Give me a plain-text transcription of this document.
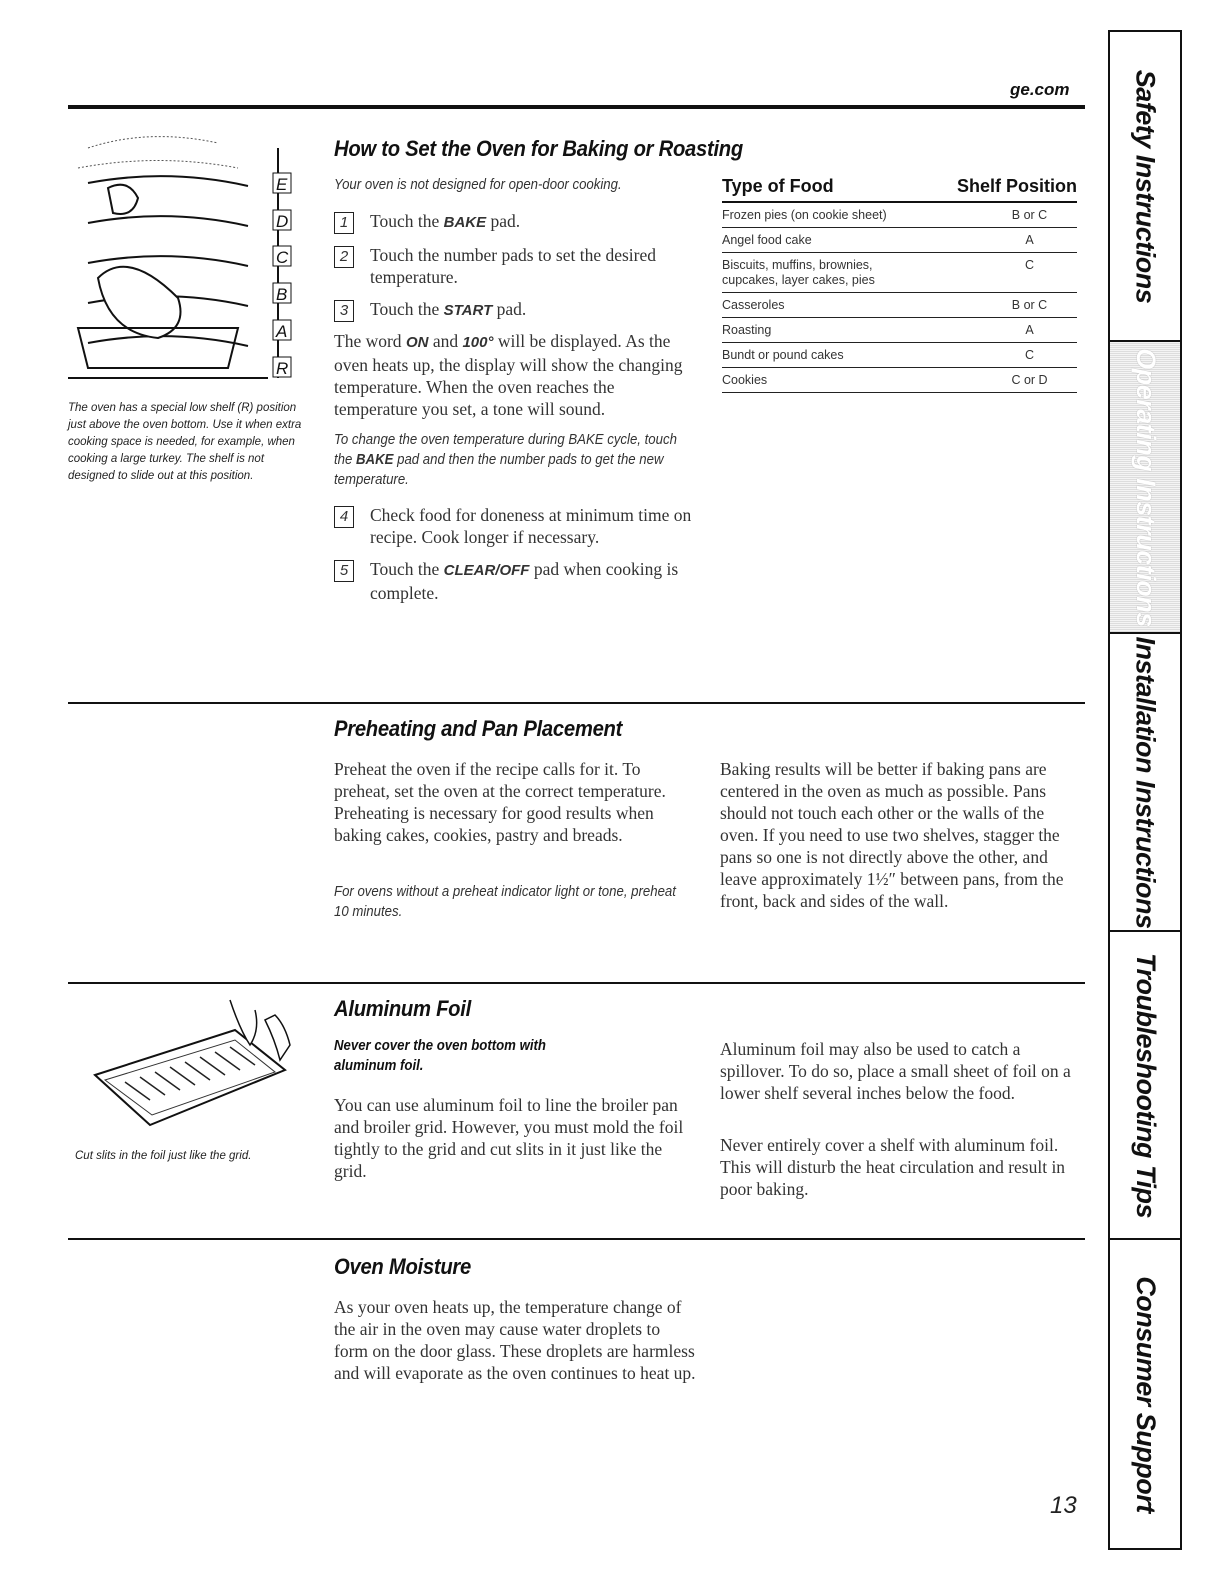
ge.com Safety Instructions
Operating Instructions
Installation Instructions
Troubleshooting Tips
Consumer Support
E
D
C
B
A
R
The oven has a special low shelf (R) position just above the oven bottom. Use it when extra cooking space is needed, for example, when cooking a large turkey. The shelf is not designed to slide out at this position.
How to Set the Oven for Baking or Roasting
Your oven is not designed for open-door cooking.
1	Touch the BAKE pad.
2	Touch the number pads to set the desired temperature.
3	Touch the START pad.
The word ON and 100° will be displayed. As the oven heats up, the display will show the changing temperature. When the oven reaches the temperature you set, a tone will sound.
To change the oven temperature during BAKE cycle, touch the BAKE pad and then the number pads to get the new temperature.
4	Check food for doneness at minimum time on recipe. Cook longer if necessary.
5	Touch the CLEAR/OFF pad when cooking is complete.
Type of Food	Shelf Position
Frozen pies (on cookie sheet)	B or C
Angel food cake	A
Biscuits, muffins, brownies, cupcakes, layer cakes, pies	C
Casseroles	B or C
Roasting	A
Bundt or pound cakes	C
Cookies	C or D
Preheating and Pan Placement
Preheat the oven if the recipe calls for it. To preheat, set the oven at the correct temperature. Preheating is necessary for good results when baking cakes, cookies, pastry and breads.
For ovens without a preheat indicator light or tone, preheat 10 minutes.
Baking results will be better if baking pans are centered in the oven as much as possible. Pans should not touch each other or the walls of the oven. If you need to use two shelves, stagger the pans so one is not directly above the other, and leave approximately 1½″ between pans, from the front, back and sides of the wall.
Cut slits in the foil just like the grid.
Aluminum Foil
Never cover the oven bottom with aluminum foil.
You can use aluminum foil to line the broiler pan and broiler grid. However, you must mold the foil tightly to the grid and cut slits in it just like the grid.
Aluminum foil may also be used to catch a spillover. To do so, place a small sheet of foil on a lower shelf several inches below the food.
Never entirely cover a shelf with aluminum foil. This will disturb the heat circulation and result in poor baking.
Oven Moisture
As your oven heats up, the temperature change of the air in the oven may cause water droplets to form on the door glass. These droplets are harmless and will evaporate as the oven continues to heat up.
13
